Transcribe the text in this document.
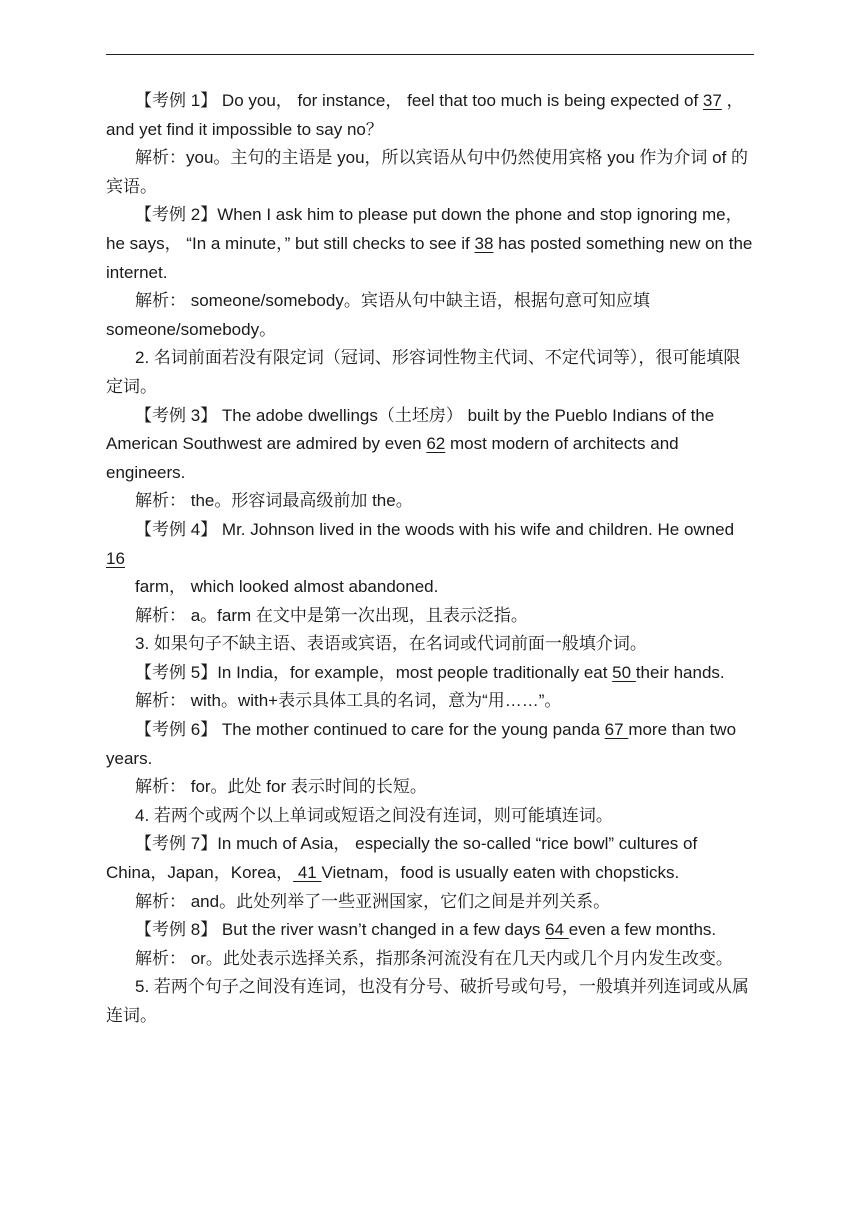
【考例 1】 Do you， for instance， feel that too much is being expected of 37 ， and yet find it impossible to say no？

解析：you。主句的主语是 you，所以宾语从句中仍然使用宾格 you 作为介词 of 的宾语。

【考例 2】When I ask him to please put down the phone and stop ignoring me， he says， “In a minute，” but still checks to see if 38 has posted something new on the internet.

解析： someone/somebody。宾语从句中缺主语，根据句意可知应填 someone/somebody。

2. 名词前面若没有限定词（冠词、形容词性物主代词、不定代词等），很可能填限定词。

【考例 3】 The adobe dwellings（土坯房） built by the Pueblo Indians of the American Southwest are admired by even 62 most modern of architects and engineers.

解析： the。形容词最高级前加 the。

【考例 4】 Mr. Johnson lived in the woods with his wife and children. He owned 16

farm， which looked almost abandoned.

解析： a。farm 在文中是第一次出现，且表示泛指。

3. 如果句子不缺主语、表语或宾语，在名词或代词前面一般填介词。

【考例 5】In India，for example，most people traditionally eat 50 their hands.

解析： with。with+表示具体工具的名词，意为“用……”。

【考例 6】 The mother continued to care for the young panda 67 more than two years.

解析： for。此处 for 表示时间的长短。

4. 若两个或两个以上单词或短语之间没有连词，则可能填连词。

【考例 7】In much of Asia， especially the so-called “rice bowl” cultures of China，Japan，Korea， 41 Vietnam，food is usually eaten with chopsticks.

解析： and。此处列举了一些亚洲国家，它们之间是并列关系。

【考例 8】 But the river wasn’t changed in a few days 64 even a few months.

解析： or。此处表示选择关系，指那条河流没有在几天内或几个月内发生改变。

5. 若两个句子之间没有连词，也没有分号、破折号或句号，一般填并列连词或从属连词。
